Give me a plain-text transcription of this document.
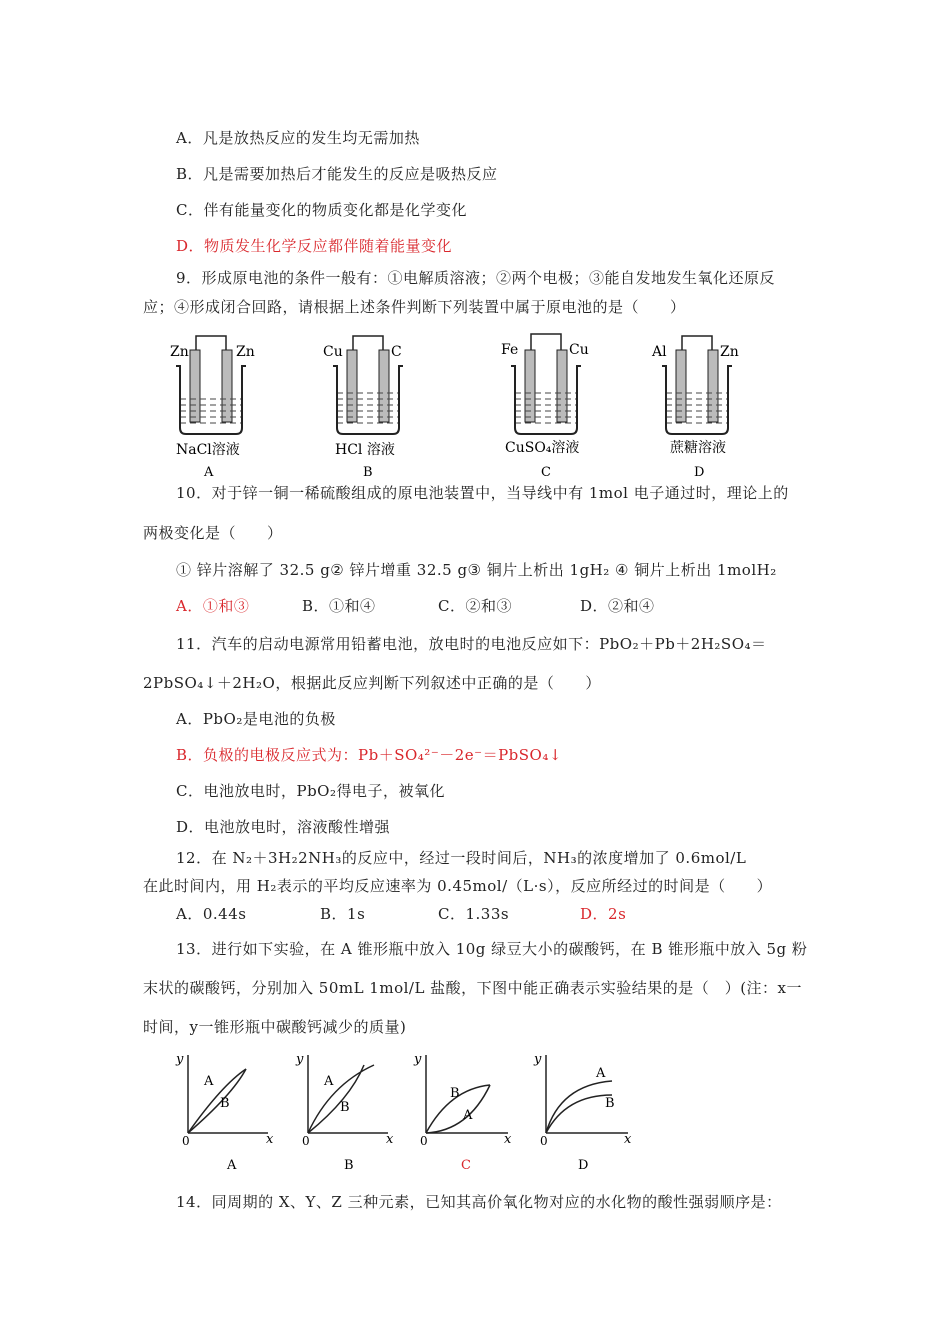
A．凡是放热反应的发生均无需加热
B．凡是需要加热后才能发生的反应是吸热反应
C．伴有能量变化的物质变化都是化学变化
D．物质发生化学反应都伴随着能量变化
9．形成原电池的条件一般有：①电解质溶液；②两个电极；③能自发地发生氧化还原反
应；④形成闭合回路，请根据上述条件判断下列装置中属于原电池的是（　　）
Zn	Zn
NaCl溶液
A
Cu	C
HCl 溶液
B
Fe	Cu
CuSO₄溶液
C
Al	Zn
蔗糖溶液
D
10．对于锌一铜一稀硫酸组成的原电池装置中，当导线中有 1mol 电子通过时，理论上的
两极变化是（　　）
① 锌片溶解了 32.5 g② 锌片增重 32.5 g③ 铜片上析出 1gH₂ ④ 铜片上析出 1molH₂
A．①和③	B．①和④	C．②和③	D．②和④
11．汽车的启动电源常用铅蓄电池，放电时的电池反应如下：PbO₂＋Pb＋2H₂SO₄＝
2PbSO₄↓＋2H₂O，根据此反应判断下列叙述中正确的是（　　）
A．PbO₂是电池的负极
B．负极的电极反应式为：Pb＋SO₄²⁻－2e⁻＝PbSO₄↓
C．电池放电时，PbO₂得电子，被氧化
D．电池放电时，溶液酸性增强
12．在 N₂＋3H₂2NH₃的反应中，经过一段时间后，NH₃的浓度增加了 0.6mol/L
在此时间内，用 H₂表示的平均反应速率为 0.45mol/（L·s），反应所经过的时间是（　　）
A．0.44s	B．1s	C．1.33s	D．2s
13．进行如下实验，在 A 锥形瓶中放入 10g 绿豆大小的碳酸钙，在 B 锥形瓶中放入 5g 粉
末状的碳酸钙，分别加入 50mL 1mol/L 盐酸，下图中能正确表示实验结果的是（　）(注：x一
时间，y一锥形瓶中碳酸钙减少的质量)
y
x
0
A
B
A
y
x
0
A
B
B
y
x
0
B
A
C
y
x
0
A
B
D
14．同周期的 X、Y、Z 三种元素，已知其高价氧化物对应的水化物的酸性强弱顺序是：
